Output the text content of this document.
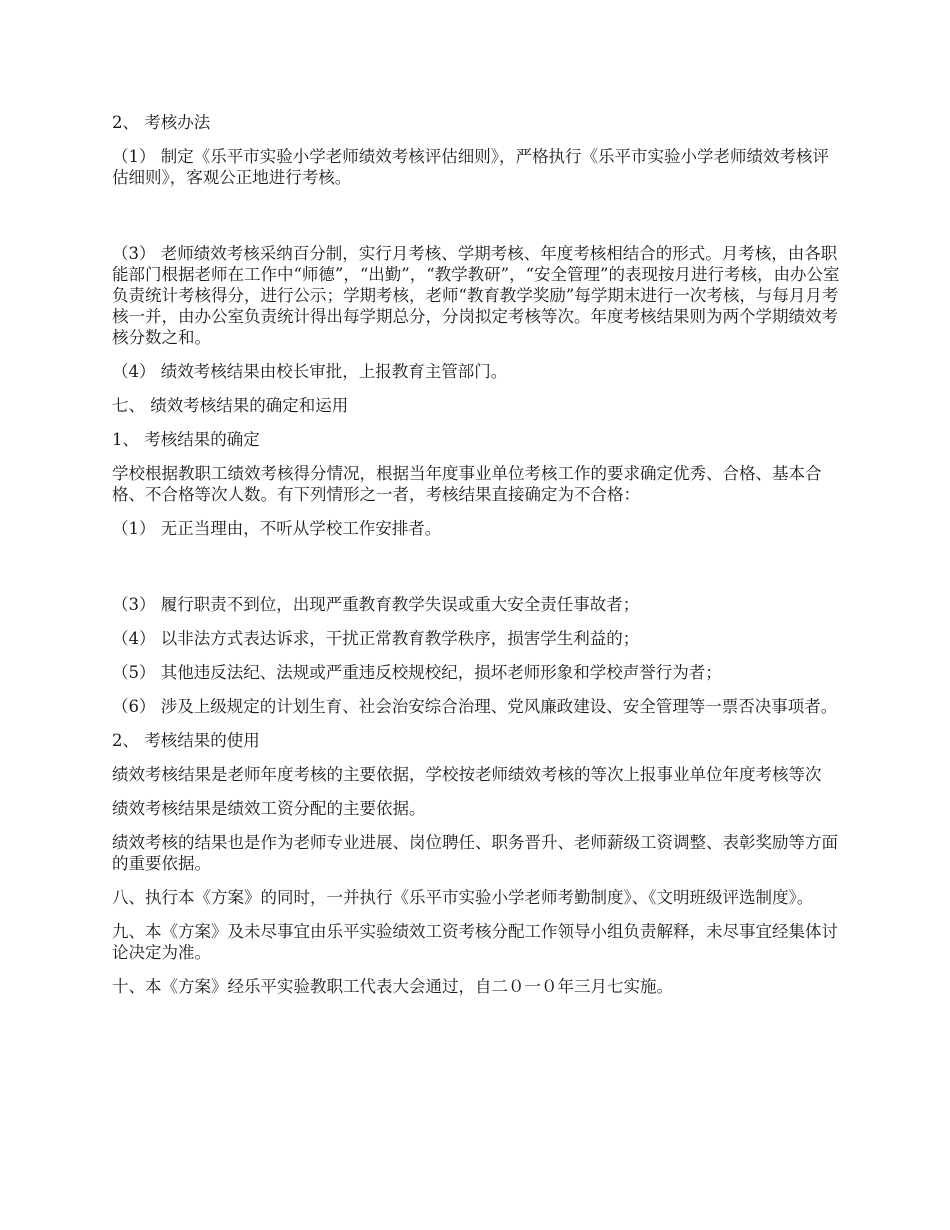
2、 考核办法

（1） 制定《乐平市实验小学老师绩效考核评估细则》，严格执行《乐平市实验小学老师绩效考核评估细则》，客观公正地进行考核。

（3） 老师绩效考核采纳百分制，实行月考核、学期考核、年度考核相结合的形式。月考核，由各职能部门根据老师在工作中“师德”，“出勤”，“教学教研”，“安全管理”的表现按月进行考核，由办公室负责统计考核得分，进行公示；学期考核，老师“教育教学奖励”每学期末进行一次考核，与每月月考核一并，由办公室负责统计得出每学期总分，分岗拟定考核等次。年度考核结果则为两个学期绩效考核分数之和。

（4） 绩效考核结果由校长审批，上报教育主管部门。

七、 绩效考核结果的确定和运用

1、 考核结果的确定

学校根据教职工绩效考核得分情况，根据当年度事业单位考核工作的要求确定优秀、合格、基本合格、不合格等次人数。有下列情形之一者，考核结果直接确定为不合格：

（1） 无正当理由，不听从学校工作安排者。

（3） 履行职责不到位，出现严重教育教学失误或重大安全责任事故者；

（4） 以非法方式表达诉求，干扰正常教育教学秩序，损害学生利益的；

（5） 其他违反法纪、法规或严重违反校规校纪，损坏老师形象和学校声誉行为者；

（6） 涉及上级规定的计划生育、社会治安综合治理、党风廉政建设、安全管理等一票否决事项者。

2、 考核结果的使用

绩效考核结果是老师年度考核的主要依据，学校按老师绩效考核的等次上报事业单位年度考核等次

绩效考核结果是绩效工资分配的主要依据。

绩效考核的结果也是作为老师专业进展、岗位聘任、职务晋升、老师薪级工资调整、表彰奖励等方面的重要依据。

八、执行本《方案》的同时，一并执行《乐平市实验小学老师考勤制度》、《文明班级评选制度》。

九、本《方案》及未尽事宜由乐平实验绩效工资考核分配工作领导小组负责解释，未尽事宜经集体讨论决定为准。

十、本《方案》经乐平实验教职工代表大会通过，自二０一０年三月七实施。
